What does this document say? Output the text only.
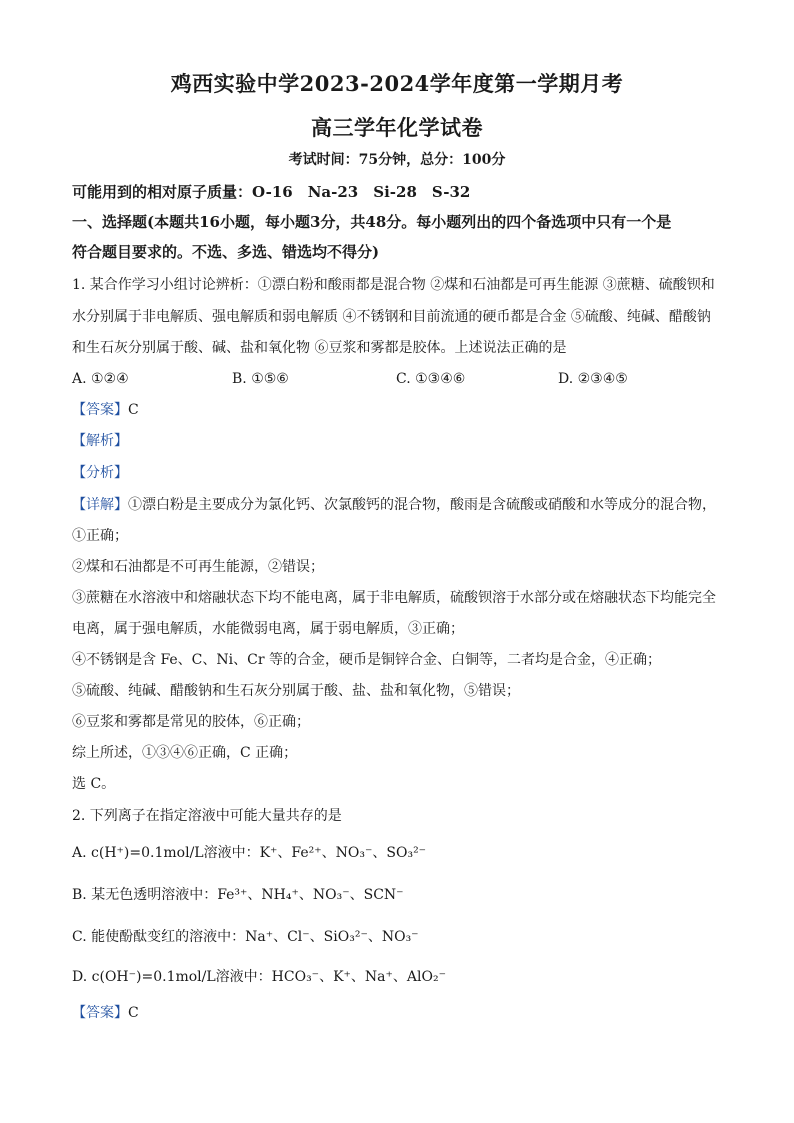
鸡西实验中学2023-2024学年度第一学期月考
高三学年化学试卷
考试时间：75分钟，总分：100分
可能用到的相对原子质量：O-16　Na-23　Si-28　S-32
一、选择题(本题共16小题，每小题3分，共48分。每小题列出的四个备选项中只有一个是
符合题目要求的。不选、多选、错选均不得分)
1. 某合作学习小组讨论辨析：①漂白粉和酸雨都是混合物 ②煤和石油都是可再生能源 ③蔗糖、硫酸钡和
水分别属于非电解质、强电解质和弱电解质 ④不锈钢和目前流通的硬币都是合金 ⑤硫酸、纯碱、醋酸钠
和生石灰分别属于酸、碱、盐和氧化物 ⑥豆浆和雾都是胶体。上述说法正确的是
A. ①②④	B. ①⑤⑥	C. ①③④⑥	D. ②③④⑤
【答案】C
【解析】
【分析】
【详解】①漂白粉是主要成分为氯化钙、次氯酸钙的混合物，酸雨是含硫酸或硝酸和水等成分的混合物，
①正确；
②煤和石油都是不可再生能源，②错误；
③蔗糖在水溶液中和熔融状态下均不能电离，属于非电解质，硫酸钡溶于水部分或在熔融状态下均能完全
电离，属于强电解质，水能微弱电离，属于弱电解质，③正确；
④不锈钢是含 Fe、C、Ni、Cr 等的合金，硬币是铜锌合金、白铜等，二者均是合金，④正确；
⑤硫酸、纯碱、醋酸钠和生石灰分别属于酸、盐、盐和氧化物，⑤错误；
⑥豆浆和雾都是常见的胶体，⑥正确；
综上所述，①③④⑥正确，C 正确；
选 C。
2. 下列离子在指定溶液中可能大量共存的是
A. c(H⁺)=0.1mol/L溶液中：K⁺、Fe²⁺、NO₃⁻、SO₃²⁻
B. 某无色透明溶液中：Fe³⁺、NH₄⁺、NO₃⁻、SCN⁻
C. 能使酚酞变红的溶液中：Na⁺、Cl⁻、SiO₃²⁻、NO₃⁻
D. c(OH⁻)=0.1mol/L溶液中：HCO₃⁻、K⁺、Na⁺、AlO₂⁻
【答案】C
